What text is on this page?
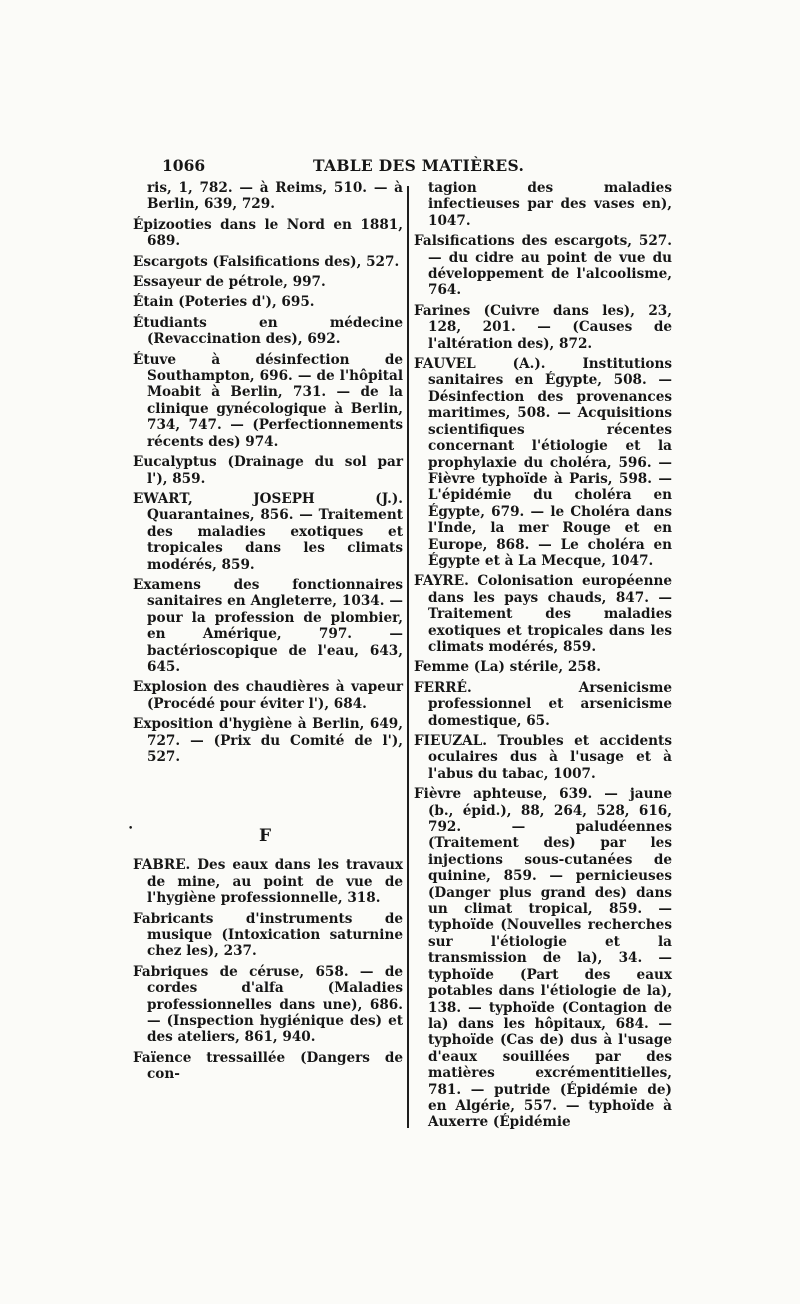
1066	TABLE DES MATIÈRES.

ris, 1, 782. — à Reims, 510. — à Berlin, 639, 729.

Épizooties dans le Nord en 1881, 689.

Escargots (Falsifications des), 527.

Essayeur de pétrole, 997.

Étain (Poteries d'), 695.

Étudiants en médecine (Revaccination des), 692.

Étuve à désinfection de Southampton, 696. — de l'hôpital Moabit à Berlin, 731. — de la clinique gynécologique à Berlin, 734, 747. — (Perfectionnements récents des) 974.

Eucalyptus (Drainage du sol par l'), 859.

EWART, JOSEPH (J.). Quarantaines, 856. — Traitement des maladies exotiques et tropicales dans les climats modérés, 859.

Examens des fonctionnaires sanitaires en Angleterre, 1034. — pour la profession de plombier, en Amérique, 797. — bactérioscopique de l'eau, 643, 645.

Explosion des chaudières à vapeur (Procédé pour éviter l'), 684.

Exposition d'hygiène à Berlin, 649, 727. — (Prix du Comité de l'), 527.

FABRE. Des eaux dans les travaux de mine, au point de vue de l'hygiène professionnelle, 318.

Fabricants d'instruments de musique (Intoxication saturnine chez les), 237.

Fabriques de céruse, 658. — de cordes d'alfa (Maladies professionnelles dans une), 686. — (Inspection hygiénique des) et des ateliers, 861, 940.

Faïence tressaillée (Dangers de con-

tagion des maladies infectieuses par des vases en), 1047.

Falsifications des escargots, 527. — du cidre au point de vue du développement de l'alcoolisme, 764.

Farines (Cuivre dans les), 23, 128, 201. — (Causes de l'altération des), 872.

FAUVEL (A.). Institutions sanitaires en Égypte, 508. — Désinfection des provenances maritimes, 508. — Acquisitions scientifiques récentes concernant l'étiologie et la prophylaxie du choléra, 596. — Fièvre typhoïde à Paris, 598. — L'épidémie du choléra en Égypte, 679. — le Choléra dans l'Inde, la mer Rouge et en Europe, 868. — Le choléra en Égypte et à La Mecque, 1047.

FAYRE. Colonisation européenne dans les pays chauds, 847. — Traitement des maladies exotiques et tropicales dans les climats modérés, 859.

Femme (La) stérile, 258.

FERRÉ. Arsenicisme professionnel et arsenicisme domestique, 65.

FIEUZAL. Troubles et accidents oculaires dus à l'usage et à l'abus du tabac, 1007.

Fièvre aphteuse, 639. — jaune (b., épid.), 88, 264, 528, 616, 792. — paludéennes (Traitement des) par les injections sous-cutanées de quinine, 859. — pernicieuses (Danger plus grand des) dans un climat tropical, 859. — typhoïde (Nouvelles recherches sur l'étiologie et la transmission de la), 34. — typhoïde (Part des eaux potables dans l'étiologie de la), 138. — typhoïde (Contagion de la) dans les hôpitaux, 684. — typhoïde (Cas de) dus à l'usage d'eaux souillées par des matières excrémentitielles, 781. — putride (Épidémie de) en Algérie, 557. — typhoïde à Auxerre (Épidémie

•	F
